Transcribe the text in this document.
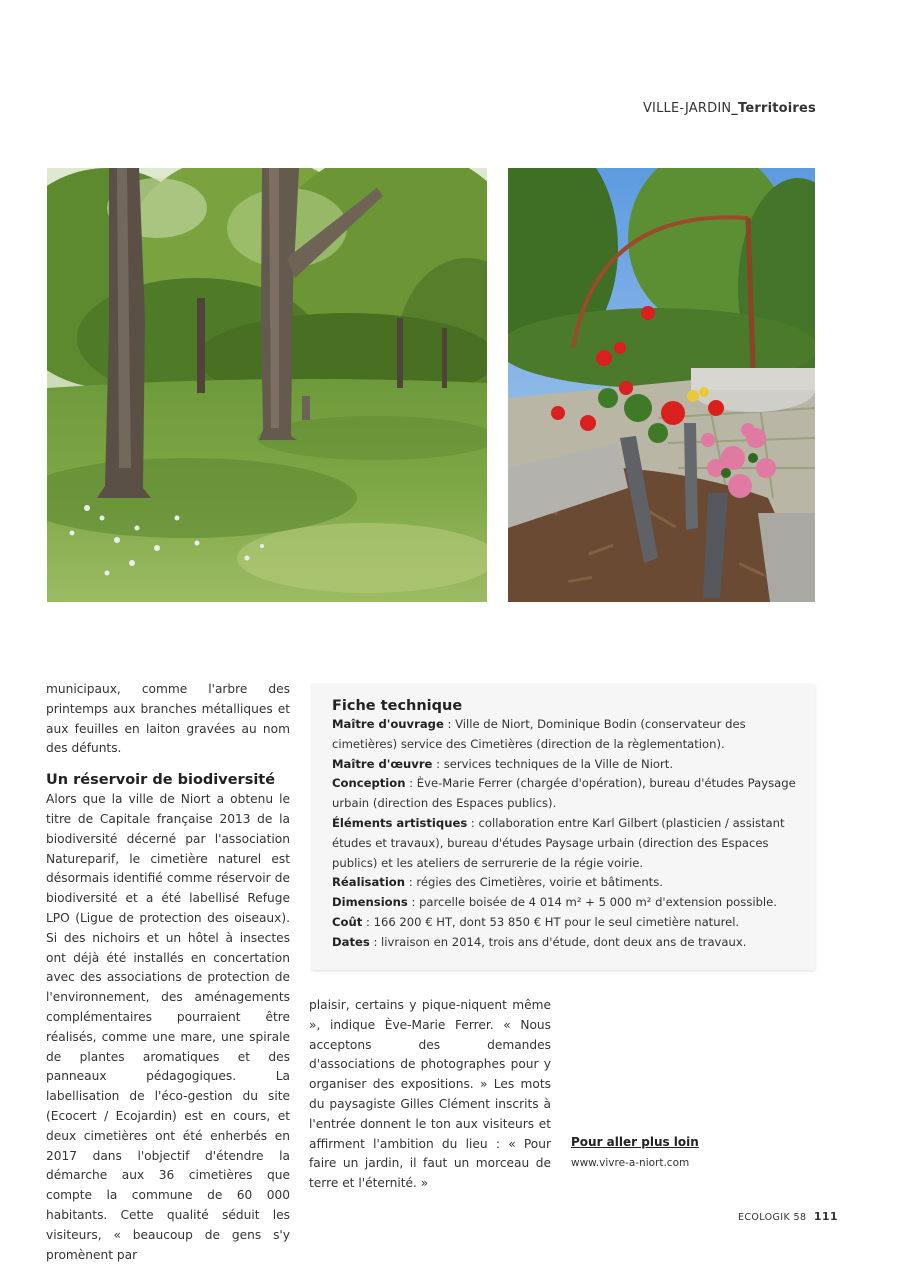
VILLE-JARDIN_Territoires

municipaux, comme l'arbre des printemps aux branches métalliques et aux feuilles en laiton gravées au nom des défunts.

Un réservoir de biodiversité

Alors que la ville de Niort a obtenu le titre de Capitale française 2013 de la biodiversité décerné par l'association Natureparif, le cimetière naturel est désormais identifié comme réservoir de biodiversité et a été labellisé Refuge LPO (Ligue de protection des oiseaux). Si des nichoirs et un hôtel à insectes ont déjà été installés en concertation avec des associations de protection de l'environnement, des aménagements complémentaires pourraient être réalisés, comme une mare, une spirale de plantes aromatiques et des panneaux pédagogiques. La labellisation de l'éco-gestion du site (Ecocert / Ecojardin) est en cours, et deux cimetières ont été enherbés en 2017 dans l'objectif d'étendre la démarche aux 36 cimetières que compte la commune de 60 000 habitants. Cette qualité séduit les visiteurs, « beaucoup de gens s'y promènent par

plaisir, certains y pique-niquent même », indique Ève-Marie Ferrer. « Nous acceptons des demandes d'associations de photographes pour y organiser des expositions. » Les mots du paysagiste Gilles Clément inscrits à l'entrée donnent le ton aux visiteurs et affirment l'ambition du lieu : « Pour faire un jardin, il faut un morceau de terre et l'éternité. »

Fiche technique
Maître d'ouvrage : Ville de Niort, Dominique Bodin (conservateur des cimetières) service des Cimetières (direction de la règlementation).
Maître d'œuvre : services techniques de la Ville de Niort.
Conception : Ève-Marie Ferrer (chargée d'opération), bureau d'études Paysage urbain (direction des Espaces publics).
Éléments artistiques : collaboration entre Karl Gilbert (plasticien / assistant études et travaux), bureau d'études Paysage urbain (direction des Espaces publics) et les ateliers de serrurerie de la régie voirie.
Réalisation : régies des Cimetières, voirie et bâtiments.
Dimensions : parcelle boisée de 4 014 m² + 5 000 m² d'extension possible.
Coût : 166 200 € HT, dont 53 850 € HT pour le seul cimetière naturel.
Dates : livraison en 2014, trois ans d'étude, dont deux ans de travaux.
Pour aller plus loin
www.vivre-a-niort.com
ECOLOGIK 58 111
